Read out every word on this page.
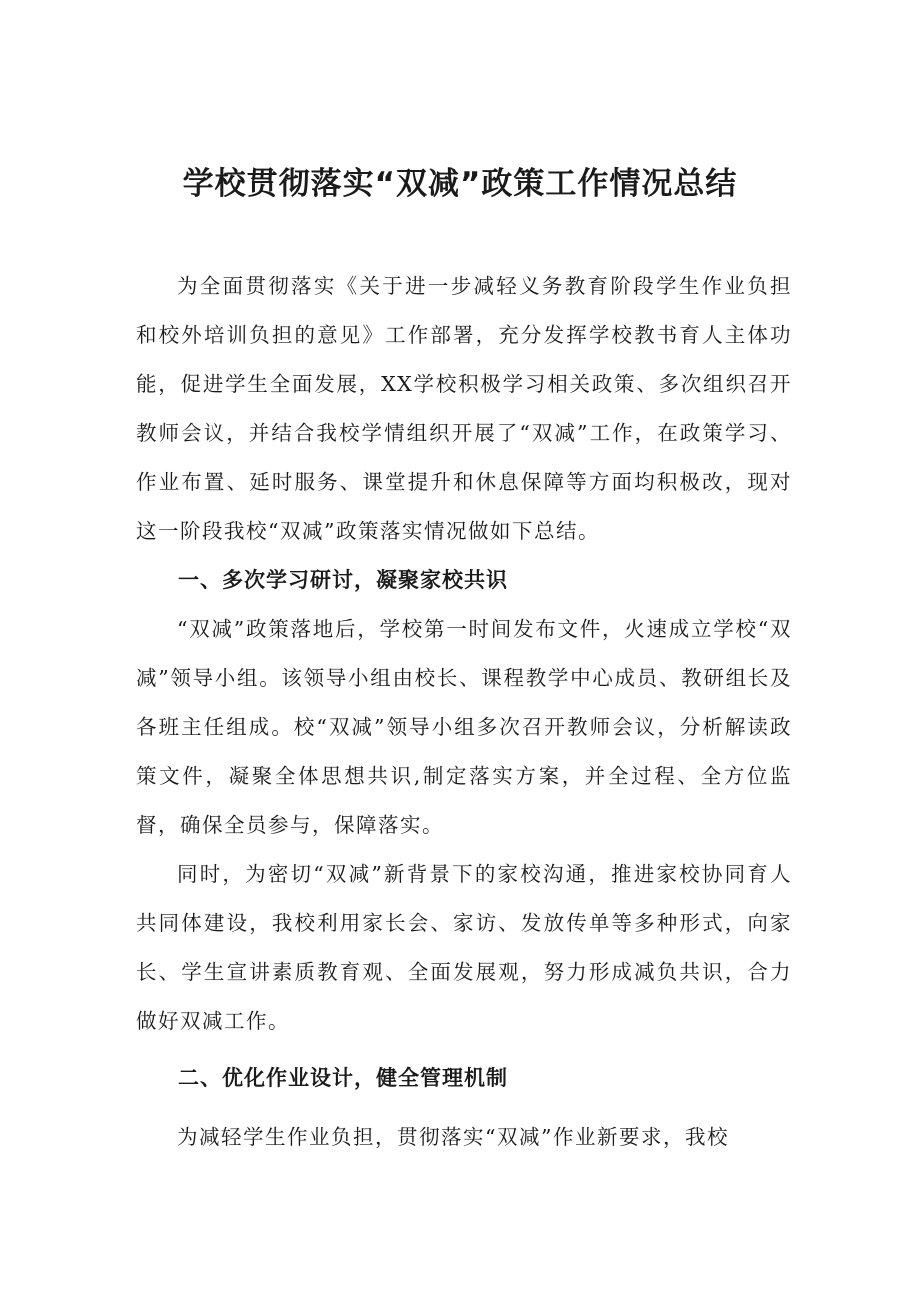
学校贯彻落实“双减”政策工作情况总结

为全面贯彻落实《关于进一步减轻义务教育阶段学生作业负担和校外培训负担的意见》工作部署，充分发挥学校教书育人主体功能，促进学生全面发展，XX学校积极学习相关政策、多次组织召开教师会议，并结合我校学情组织开展了“双减”工作，在政策学习、作业布置、延时服务、课堂提升和休息保障等方面均积极改，现对这一阶段我校“双减”政策落实情况做如下总结。

一、多次学习研讨，凝聚家校共识

“双减”政策落地后，学校第一时间发布文件，火速成立学校“双减”领导小组。该领导小组由校长、课程教学中心成员、教研组长及各班主任组成。校“双减”领导小组多次召开教师会议，分析解读政策文件，凝聚全体思想共识,制定落实方案，并全过程、全方位监督，确保全员参与，保障落实。

同时，为密切“双减”新背景下的家校沟通，推进家校协同育人共同体建设，我校利用家长会、家访、发放传单等多种形式，向家长、学生宣讲素质教育观、全面发展观，努力形成减负共识，合力做好双减工作。

二、优化作业设计，健全管理机制

为减轻学生作业负担，贯彻落实“双减”作业新要求，我校
